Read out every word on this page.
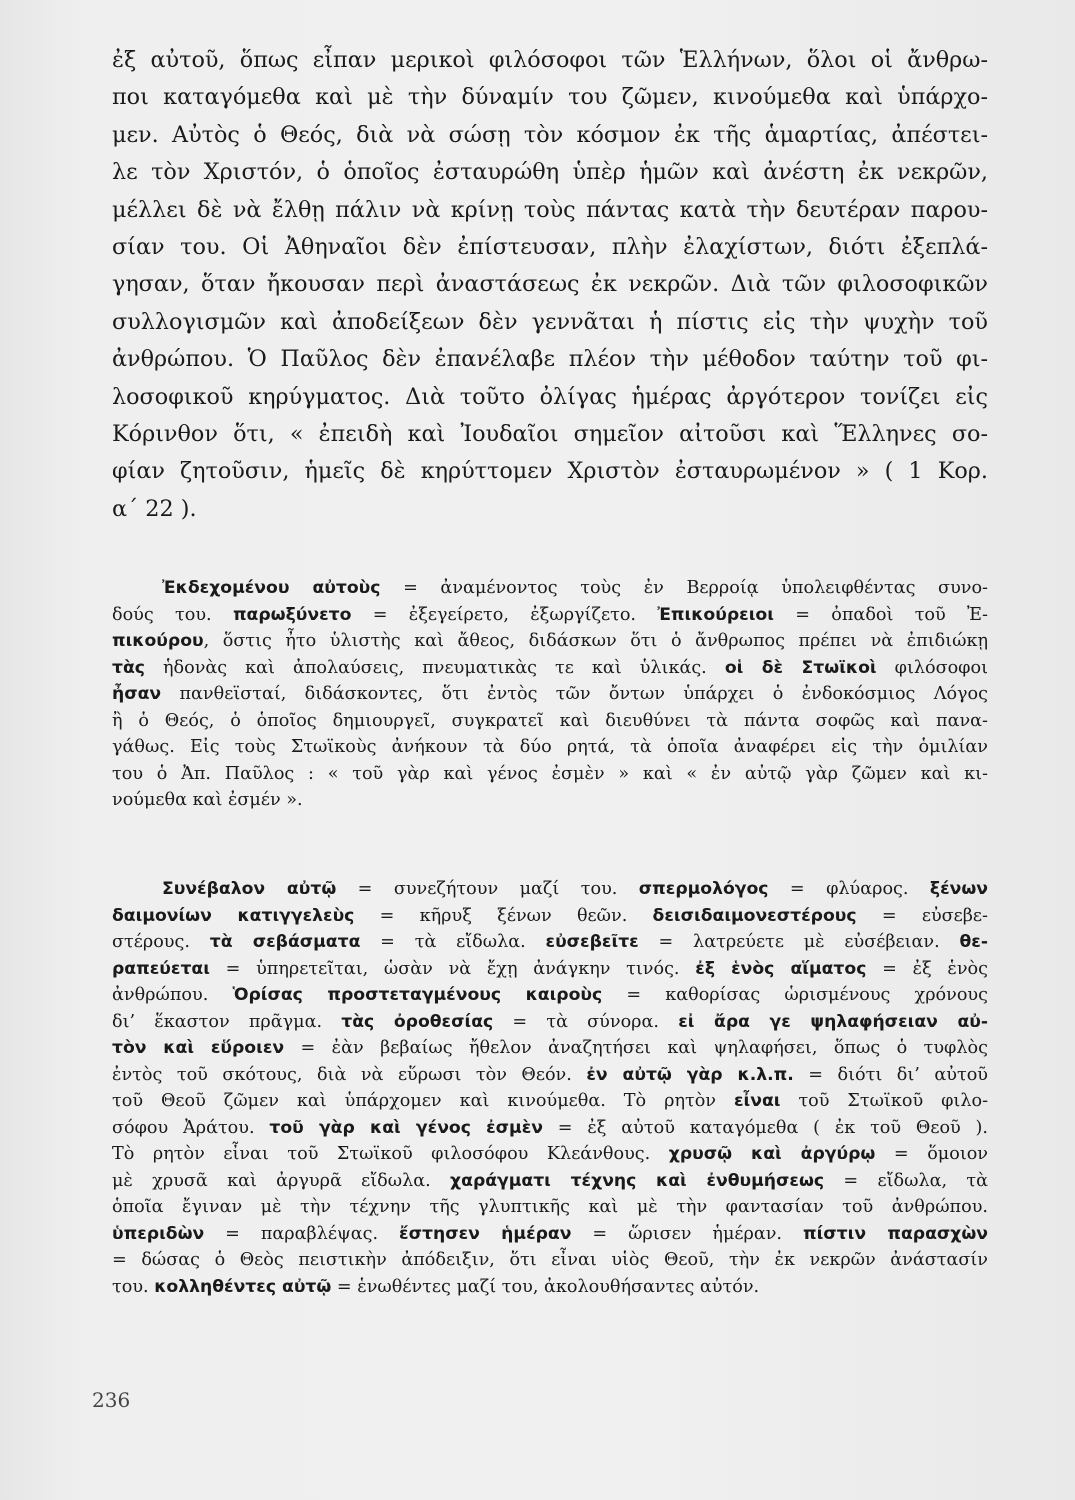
ἐξ αὐτοῦ, ὅπως εἶπαν μερικοὶ φιλόσοφοι τῶν Ἑλλήνων, ὅλοι οἱ ἄνθρω-
ποι καταγόμεθα καὶ μὲ τὴν δύναμίν του ζῶμεν, κινούμεθα καὶ ὑπάρχο-
μεν. Αὐτὸς ὁ Θεός, διὰ νὰ σώσῃ τὸν κόσμον ἐκ τῆς ἁμαρτίας, ἀπέστει-
λε τὸν Χριστόν, ὁ ὁποῖος ἐσταυρώθη ὑπὲρ ἡμῶν καὶ ἀνέστη ἐκ νεκρῶν,
μέλλει δὲ νὰ ἔλθῃ πάλιν νὰ κρίνῃ τοὺς πάντας κατὰ τὴν δευτέραν παρου-
σίαν του. Οἱ Ἀθηναῖοι δὲν ἐπίστευσαν, πλὴν ἐλαχίστων, διότι ἐξεπλά-
γησαν, ὅταν ἤκουσαν περὶ ἀναστάσεως ἐκ νεκρῶν. Διὰ τῶν φιλοσοφικῶν
συλλογισμῶν καὶ ἀποδείξεων δὲν γεννᾶται ἡ πίστις εἰς τὴν ψυχὴν τοῦ
ἀνθρώπου. Ὁ Παῦλος δὲν ἐπανέλαβε πλέον τὴν μέθοδον ταύτην τοῦ φι-
λοσοφικοῦ κηρύγματος. Διὰ τοῦτο ὀλίγας ἡμέρας ἀργότερον τονίζει εἰς
Κόρινθον ὅτι, « ἐπειδὴ καὶ Ἰουδαῖοι σημεῖον αἰτοῦσι καὶ Ἕλληνες σο-
φίαν ζητοῦσιν, ἡμεῖς δὲ κηρύττομεν Χριστὸν ἐσταυρωμένον » ( 1 Κορ.
α΄ 22 ).

Ἐκδεχομένου αὐτοὺς = ἀναμένοντος τοὺς ἐν Βερροίᾳ ὑπολειφθέντας συνο-
δούς του. παρωξύνετο = ἐξεγείρετο, ἐξωργίζετο. Ἐπικούρειοι = ὀπαδοὶ τοῦ Ἐ-
πικούρου, ὅστις ἦτο ὑλιστὴς καὶ ἄθεος, διδάσκων ὅτι ὁ ἄνθρωπος πρέπει νὰ ἐπιδιώκῃ
τὰς ἡδονὰς καὶ ἀπολαύσεις, πνευματικὰς τε καὶ ὑλικάς. οἱ δὲ Στωϊκοὶ φιλόσοφοι
ἦσαν πανθεϊσταί, διδάσκοντες, ὅτι ἐντὸς τῶν ὄντων ὑπάρχει ὁ ἐνδοκόσμιος Λόγος
ἢ ὁ Θεός, ὁ ὁποῖος δημιουργεῖ, συγκρατεῖ καὶ διευθύνει τὰ πάντα σοφῶς καὶ πανα-
γάθως. Εἰς τοὺς Στωϊκοὺς ἀνήκουν τὰ δύο ρητά, τὰ ὁποῖα ἀναφέρει εἰς τὴν ὁμιλίαν
του ὁ Ἀπ. Παῦλος : « τοῦ γὰρ καὶ γένος ἐσμὲν » καὶ « ἐν αὐτῷ γὰρ ζῶμεν καὶ κι-
νούμεθα καὶ ἐσμέν ».

Συνέβαλον αὐτῷ = συνεζήτουν μαζί του. σπερμολόγος = φλύαρος. ξένων
δαιμονίων κατιγγελεὺς = κῆρυξ ξένων θεῶν. δεισιδαιμονεστέρους = εὐσεβε-
στέρους. τὰ σεβάσματα = τὰ εἴδωλα. εὐσεβεῖτε = λατρεύετε μὲ εὐσέβειαν. θε-
ραπεύεται = ὑπηρετεῖται, ὡσὰν νὰ ἔχῃ ἀνάγκην τινός. ἐξ ἑνὸς αἵματος = ἐξ ἑνὸς
ἀνθρώπου. Ὁρίσας προστεταγμένους καιροὺς = καθορίσας ὡρισμένους χρόνους
δι’ ἕκαστον πρᾶγμα. τὰς ὀροθεσίας = τὰ σύνορα. εἰ ἄρα γε ψηλαφήσειαν αὐ-
τὸν καὶ εὕροιεν = ἐὰν βεβαίως ἤθελον ἀναζητήσει καὶ ψηλαφήσει, ὅπως ὁ τυφλὸς
ἐντὸς τοῦ σκότους, διὰ νὰ εὕρωσι τὸν Θεόν. ἐν αὐτῷ γὰρ κ.λ.π. = διότι δι’ αὐτοῦ
τοῦ Θεοῦ ζῶμεν καὶ ὑπάρχομεν καὶ κινούμεθα. Τὸ ρητὸν εἶναι τοῦ Στωϊκοῦ φιλο-
σόφου Ἀράτου. τοῦ γὰρ καὶ γένος ἐσμὲν = ἐξ αὐτοῦ καταγόμεθα ( ἐκ τοῦ Θεοῦ ).
Τὸ ρητὸν εἶναι τοῦ Στωϊκοῦ φιλοσόφου Κλεάνθους. χρυσῷ καὶ ἀργύρῳ = ὅμοιον
μὲ χρυσᾶ καὶ ἀργυρᾶ εἴδωλα. χαράγματι τέχνης καὶ ἐνθυμήσεως = εἴδωλα, τὰ
ὁποῖα ἔγιναν μὲ τὴν τέχνην τῆς γλυπτικῆς καὶ μὲ τὴν φαντασίαν τοῦ ἀνθρώπου.
ὑπεριδὼν = παραβλέψας. ἔστησεν ἡμέραν = ὥρισεν ἡμέραν. πίστιν παρασχὼν
= δώσας ὁ Θεὸς πειστικὴν ἀπόδειξιν, ὅτι εἶναι υἱὸς Θεοῦ, τὴν ἐκ νεκρῶν ἀνάστασίν
του. κολληθέντες αὐτῷ = ἑνωθέντες μαζί του, ἀκολουθήσαντες αὐτόν.

236
